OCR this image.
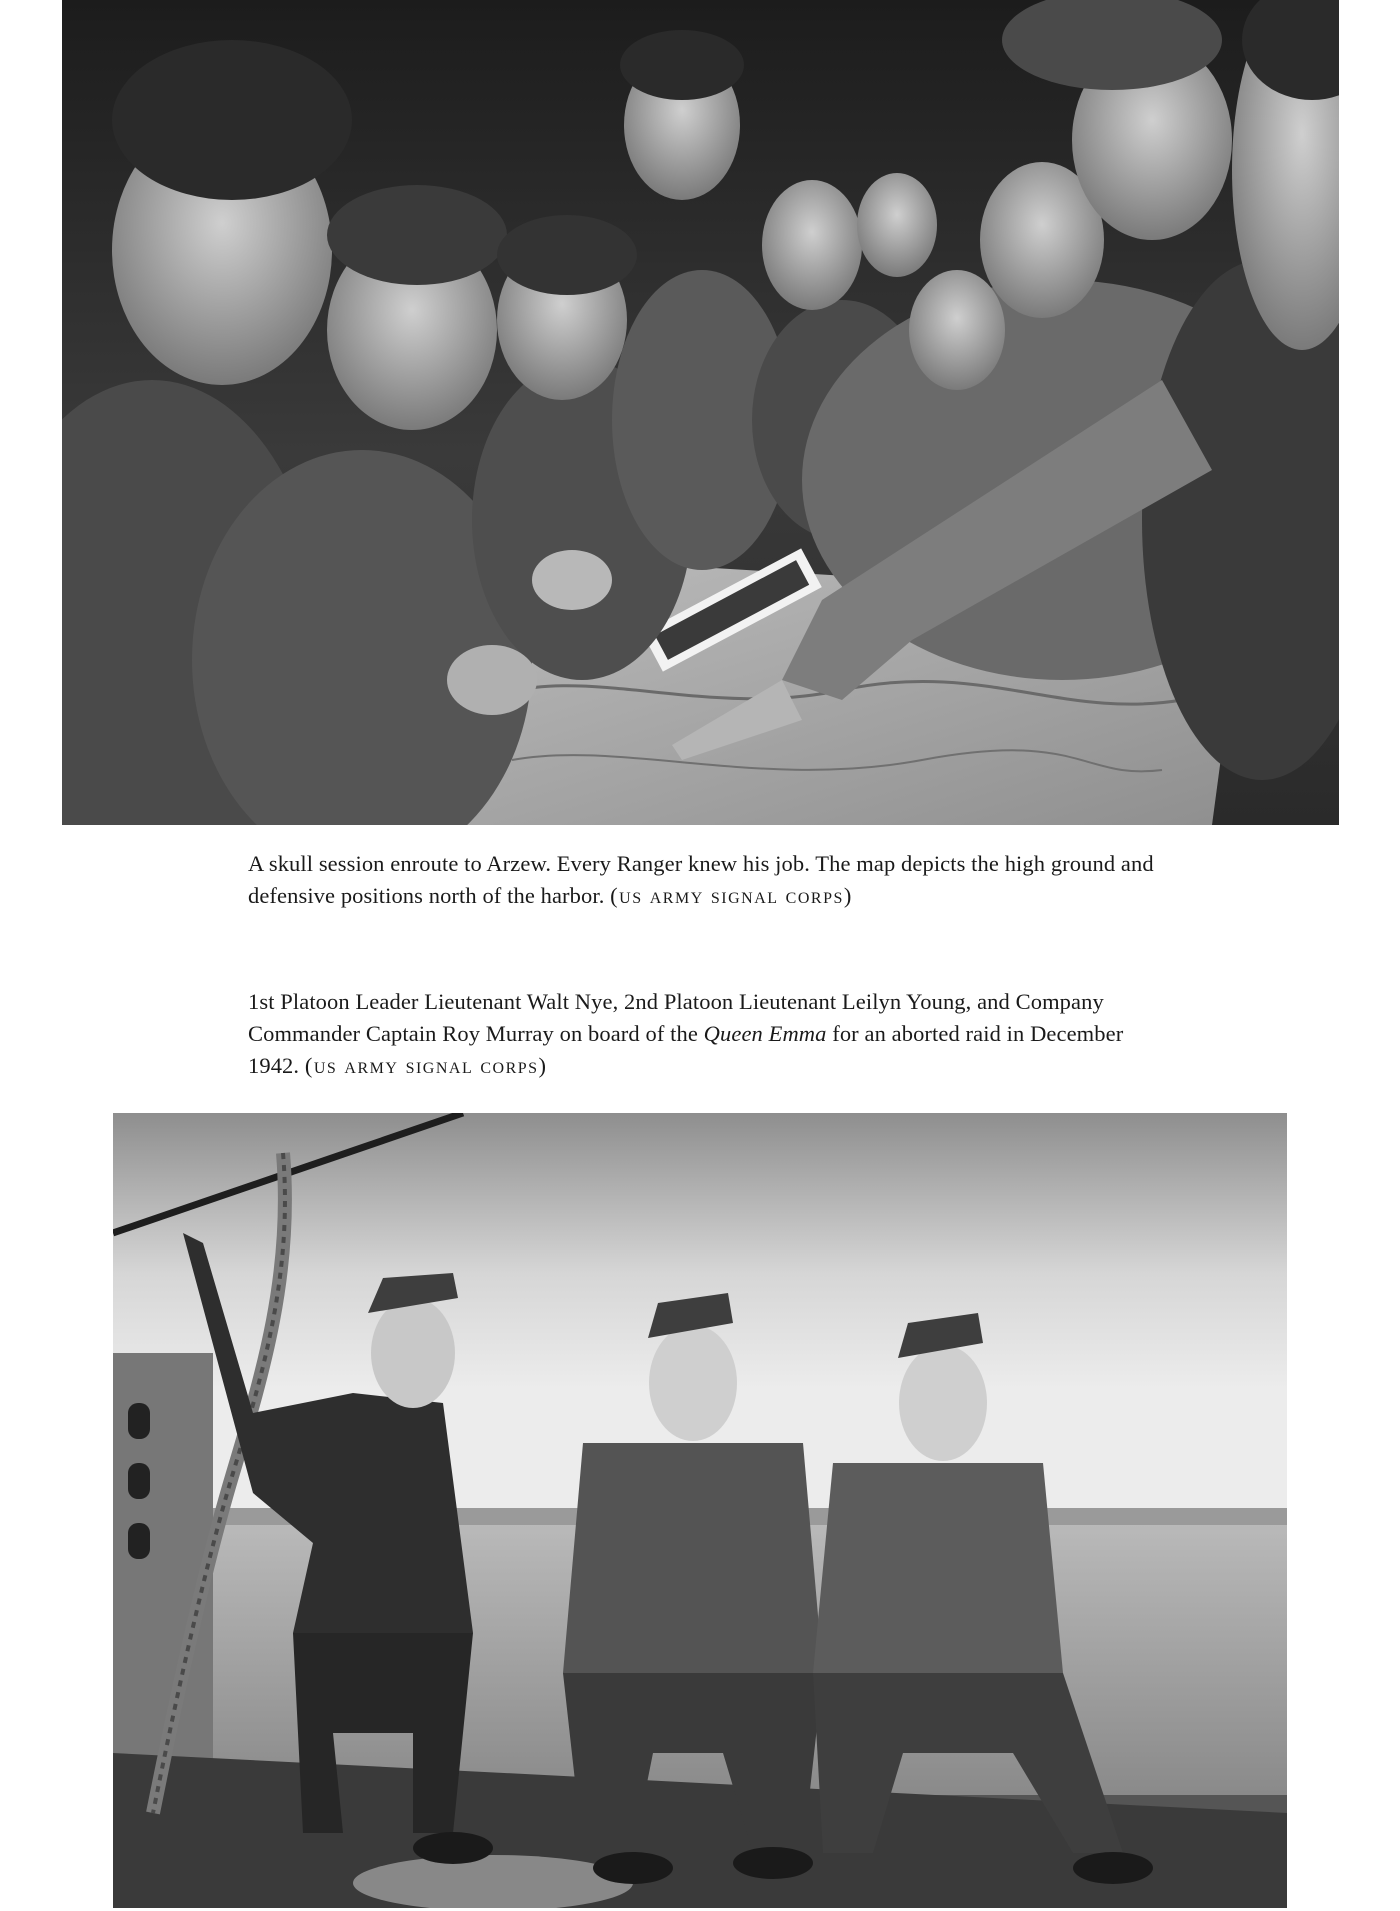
A skull session enroute to Arzew. Every Ranger knew his job. The map depicts the high ground and defensive positions north of the harbor. (us army signal corps)
1st Platoon Leader Lieutenant Walt Nye, 2nd Platoon Lieutenant Leilyn Young, and Company Commander Captain Roy Murray on board of the Queen Emma for an aborted raid in December 1942. (us army signal corps)
